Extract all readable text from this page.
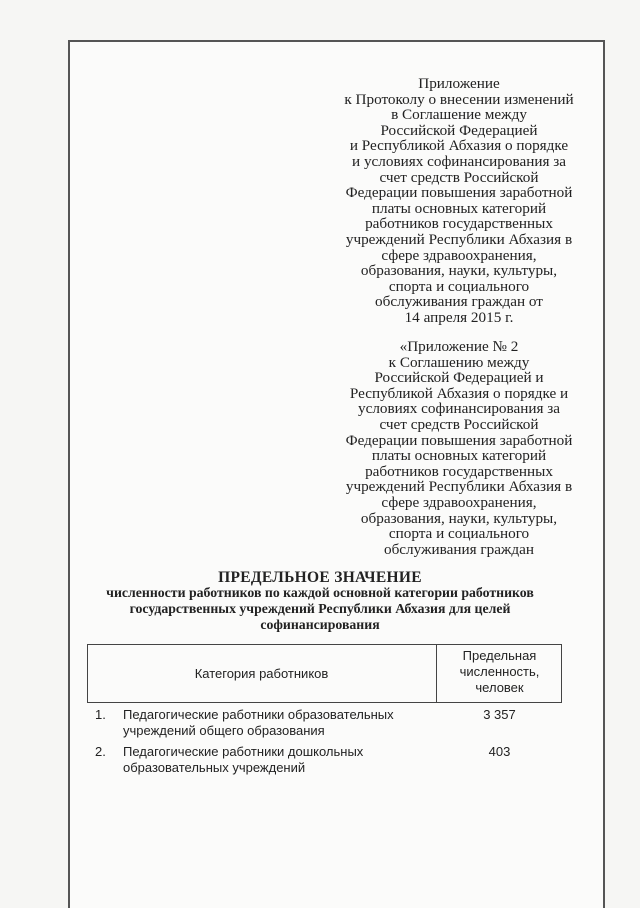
Приложение
к Протоколу о внесении изменений
в Соглашение между
Российской Федерацией
и Республикой Абхазия о порядке
и условиях софинансирования за
счет средств Российской
Федерации повышения заработной
платы основных категорий
работников государственных
учреждений Республики Абхазия в
сфере здравоохранения,
образования, науки, культуры,
спорта и социального
обслуживания граждан от
14 апреля 2015 г.
«Приложение № 2
к Соглашению между
Российской Федерацией и
Республикой Абхазия о порядке и
условиях софинансирования за
счет средств Российской
Федерации повышения заработной
платы основных категорий
работников государственных
учреждений Республики Абхазия в
сфере здравоохранения,
образования, науки, культуры,
спорта и социального
обслуживания граждан
ПРЕДЕЛЬНОЕ ЗНАЧЕНИЕ
численности работников по каждой основной категории работников
государственных учреждений Республики Абхазия для целей
софинансирования
Категория работников
Предельная
численность,
человек
1. Педагогические работники образовательных
учреждений общего образования
3 357
2. Педагогические работники дошкольных
образовательных учреждений
403
